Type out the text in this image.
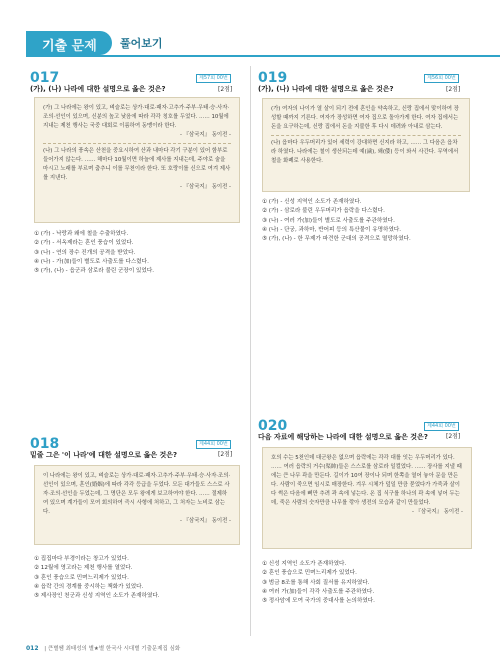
기출 문제	풀어보기
017	제57회 00번
[2점]
(가), (나) 나라에 대한 설명으로 옳은 것은?

(가) 그 나라에는 왕이 있고, 벼슬로는 상가·대로·패자·고추가·주부·우태·승·사자·조의·선인이 있으며, 신분의 높고 낮음에 따라 각각 칭호를 두었다. …… 10월에 지내는 제천 행사는 국중 대회로 이름하여 동맹이라 한다.

- 『삼국지』 동이전 -

(나) 그 나라의 풍속은 산천을 중요시하여 산과 내마다 각기 구분이 있어 함부로 들어가지 않는다. …… 해마다 10월이면 하늘에 제사를 지내는데, 주야로 술을 마시고 노래를 부르며 춤추니 이를 무천이라 한다. 또 호랑이를 신으로 여겨 제사를 지낸다.

- 『삼국지』 동이전 -

① (가) - 낙랑과 왜에 철을 수출하였다.
② (가) - 서옥제라는 혼인 풍습이 있었다.
③ (나) - 연의 장수 진개의 공격을 받았다.
④ (나) - 가(加)들이 별도로 사출도를 다스렸다.
⑤ (가), (나) - 읍군과 삼로라 불린 군장이 있었다.
019	제56회 00번
[2점]
(가), (나) 나라에 대한 설명으로 옳은 것은?

(가) 여자의 나이가 열 살이 되기 전에 혼인을 약속하고, 신랑 집에서 맞이하여 장성할 때까지 기른다. 여자가 장성하면 여자 집으로 돌아가게 한다. 여자 집에서는 돈을 요구하는데, 신랑 집에서 돈을 지불한 후 다시 데려와 아내로 삼는다.

(나) 읍마다 우두머리가 있어 세력이 강대하면 신지라 하고, …… 그 다음은 읍차라 하였다. 나라에는 철이 생산되는데 예(濊), 왜(倭) 등이 와서 사간다. 무역에서 철을 화폐로 사용한다.

① (가) - 신성 지역인 소도가 존재하였다.
② (가) - 삼로라 불린 우두머리가 읍락을 다스렸다.
③ (나) - 여러 가(加)들이 별도로 사출도를 주관하였다.
④ (나) - 단궁, 과하마, 반어피 등의 특산물이 유명하였다.
⑤ (가), (나) - 한 무제가 파견한 군대의 공격으로 멸망하였다.
018	제44회 00번
[2점]
밑줄 그은 '이 나라'에 대한 설명으로 옳은 것은?

이 나라에는 왕이 있고, 벼슬로는 상가·대로·패자·고추가·주부·우태·승·사자·조의·선인이 있으며, 혼인(婚姻)에 따라 각각 등급을 두었다. 모든 대가들도 스스로 사자·조의·선인을 두었는데, 그 명단은 모두 왕에게 보고하여야 한다. …… 절제하여 있으며 계가들이 모여 회의하여 즉시 사형에 처하고, 그 처자는 노비로 삼는다.

- 『삼국지』 동이전 -

① 집집마다 부경이라는 창고가 있었다.
② 12월에 영고라는 제천 행사를 열었다.
③ 혼인 풍습으로 민며느리제가 있었다.
④ 읍락 간의 경계를 중시하는 책화가 있었다.
⑤ 제사장인 천군과 신성 지역인 소도가 존재하였다.
020	제44회 00번
[2점]
다음 자료에 해당하는 나라에 대한 설명으로 옳은 것은?

호의 수는 5천인데 대군왕은 없으며 읍락에는 각각 대를 잇는 우두머리가 있다. …… 여러 읍락의 거수(渠帥)들은 스스로를 삼로라 일컬었다. …… 장사를 지낼 때에는 큰 나무 곽을 만든다. 길이가 10여 장이나 되며 한쪽을 열어 놓아 문을 만든다. 사람이 죽으면 임시로 매장한다. 겨우 시체가 덮일 만큼 묻었다가 가죽과 살이 다 썩은 다음에 뼈만 추려 곽 속에 넣는다. 온 집 식구를 하나의 곽 속에 넣어 두는데, 죽은 사람의 숫자만큼 나무를 깎아 생전의 모습과 같이 만들었다.

- 『삼국지』 동이전 -

① 신성 지역인 소도가 존재하였다.
② 혼인 풍습으로 민며느리제가 있었다.
③ 범금 8조를 통해 사회 질서를 유지하였다.
④ 여러 가(加)들이 각각 사출도를 주관하였다.
⑤ 정사암에 모여 국가의 중대사를 논의하였다.
012 | 큰별쌤 최태성의 별★별 한국사 시대별 기출문제집 심화
